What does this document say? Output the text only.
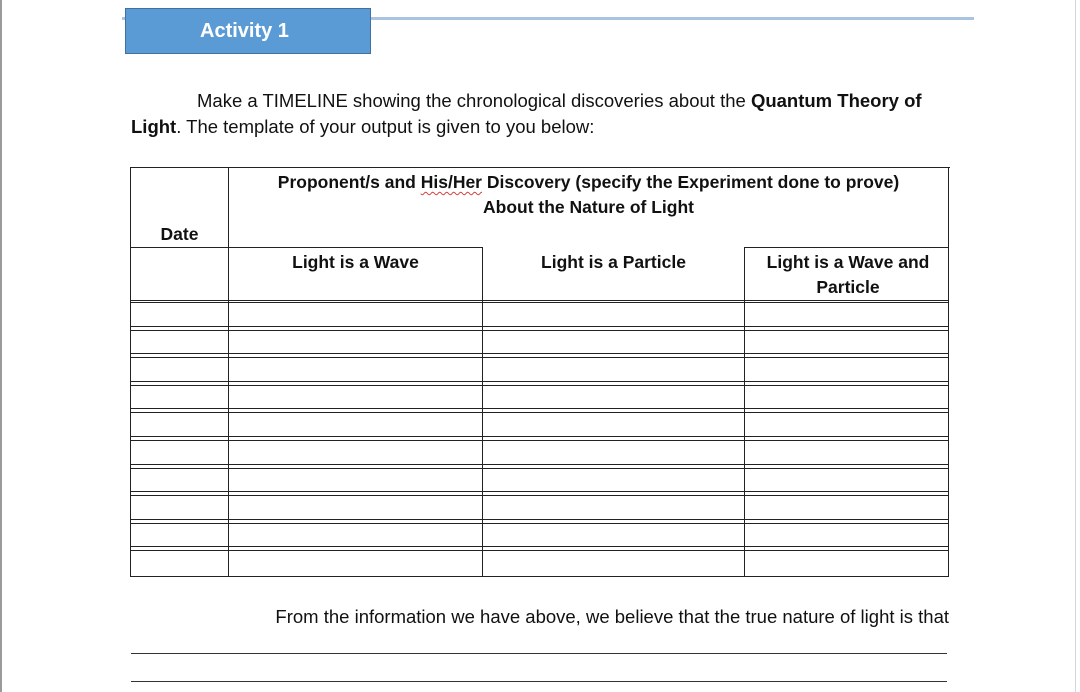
Activity 1

Make a TIMELINE showing the chronological discoveries about the Quantum Theory of Light. The template of your output is given to you below:

Proponent/s and His/Her Discovery (specify the Experiment done to prove)
About the Nature of Light
Date
Light is a Wave	Light is a Particle	Light is a Wave and Particle
From the information we have above, we believe that the true nature of light is that
